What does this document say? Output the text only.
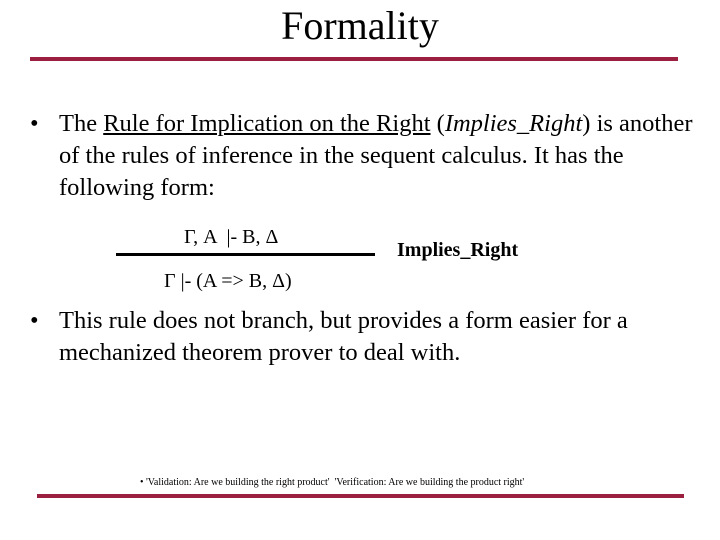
Formality
• The Rule for Implication on the Right (Implies_Right) is another of the rules of inference in the sequent calculus. It has the following form:
Γ, A  |- B, Δ
Γ |- (A => B, Δ)
Implies_Right
• This rule does not branch, but provides a form easier for a mechanized theorem prover to deal with.
• 'Validation: Are we building the right product'  'Verification: Are we building the product right'
